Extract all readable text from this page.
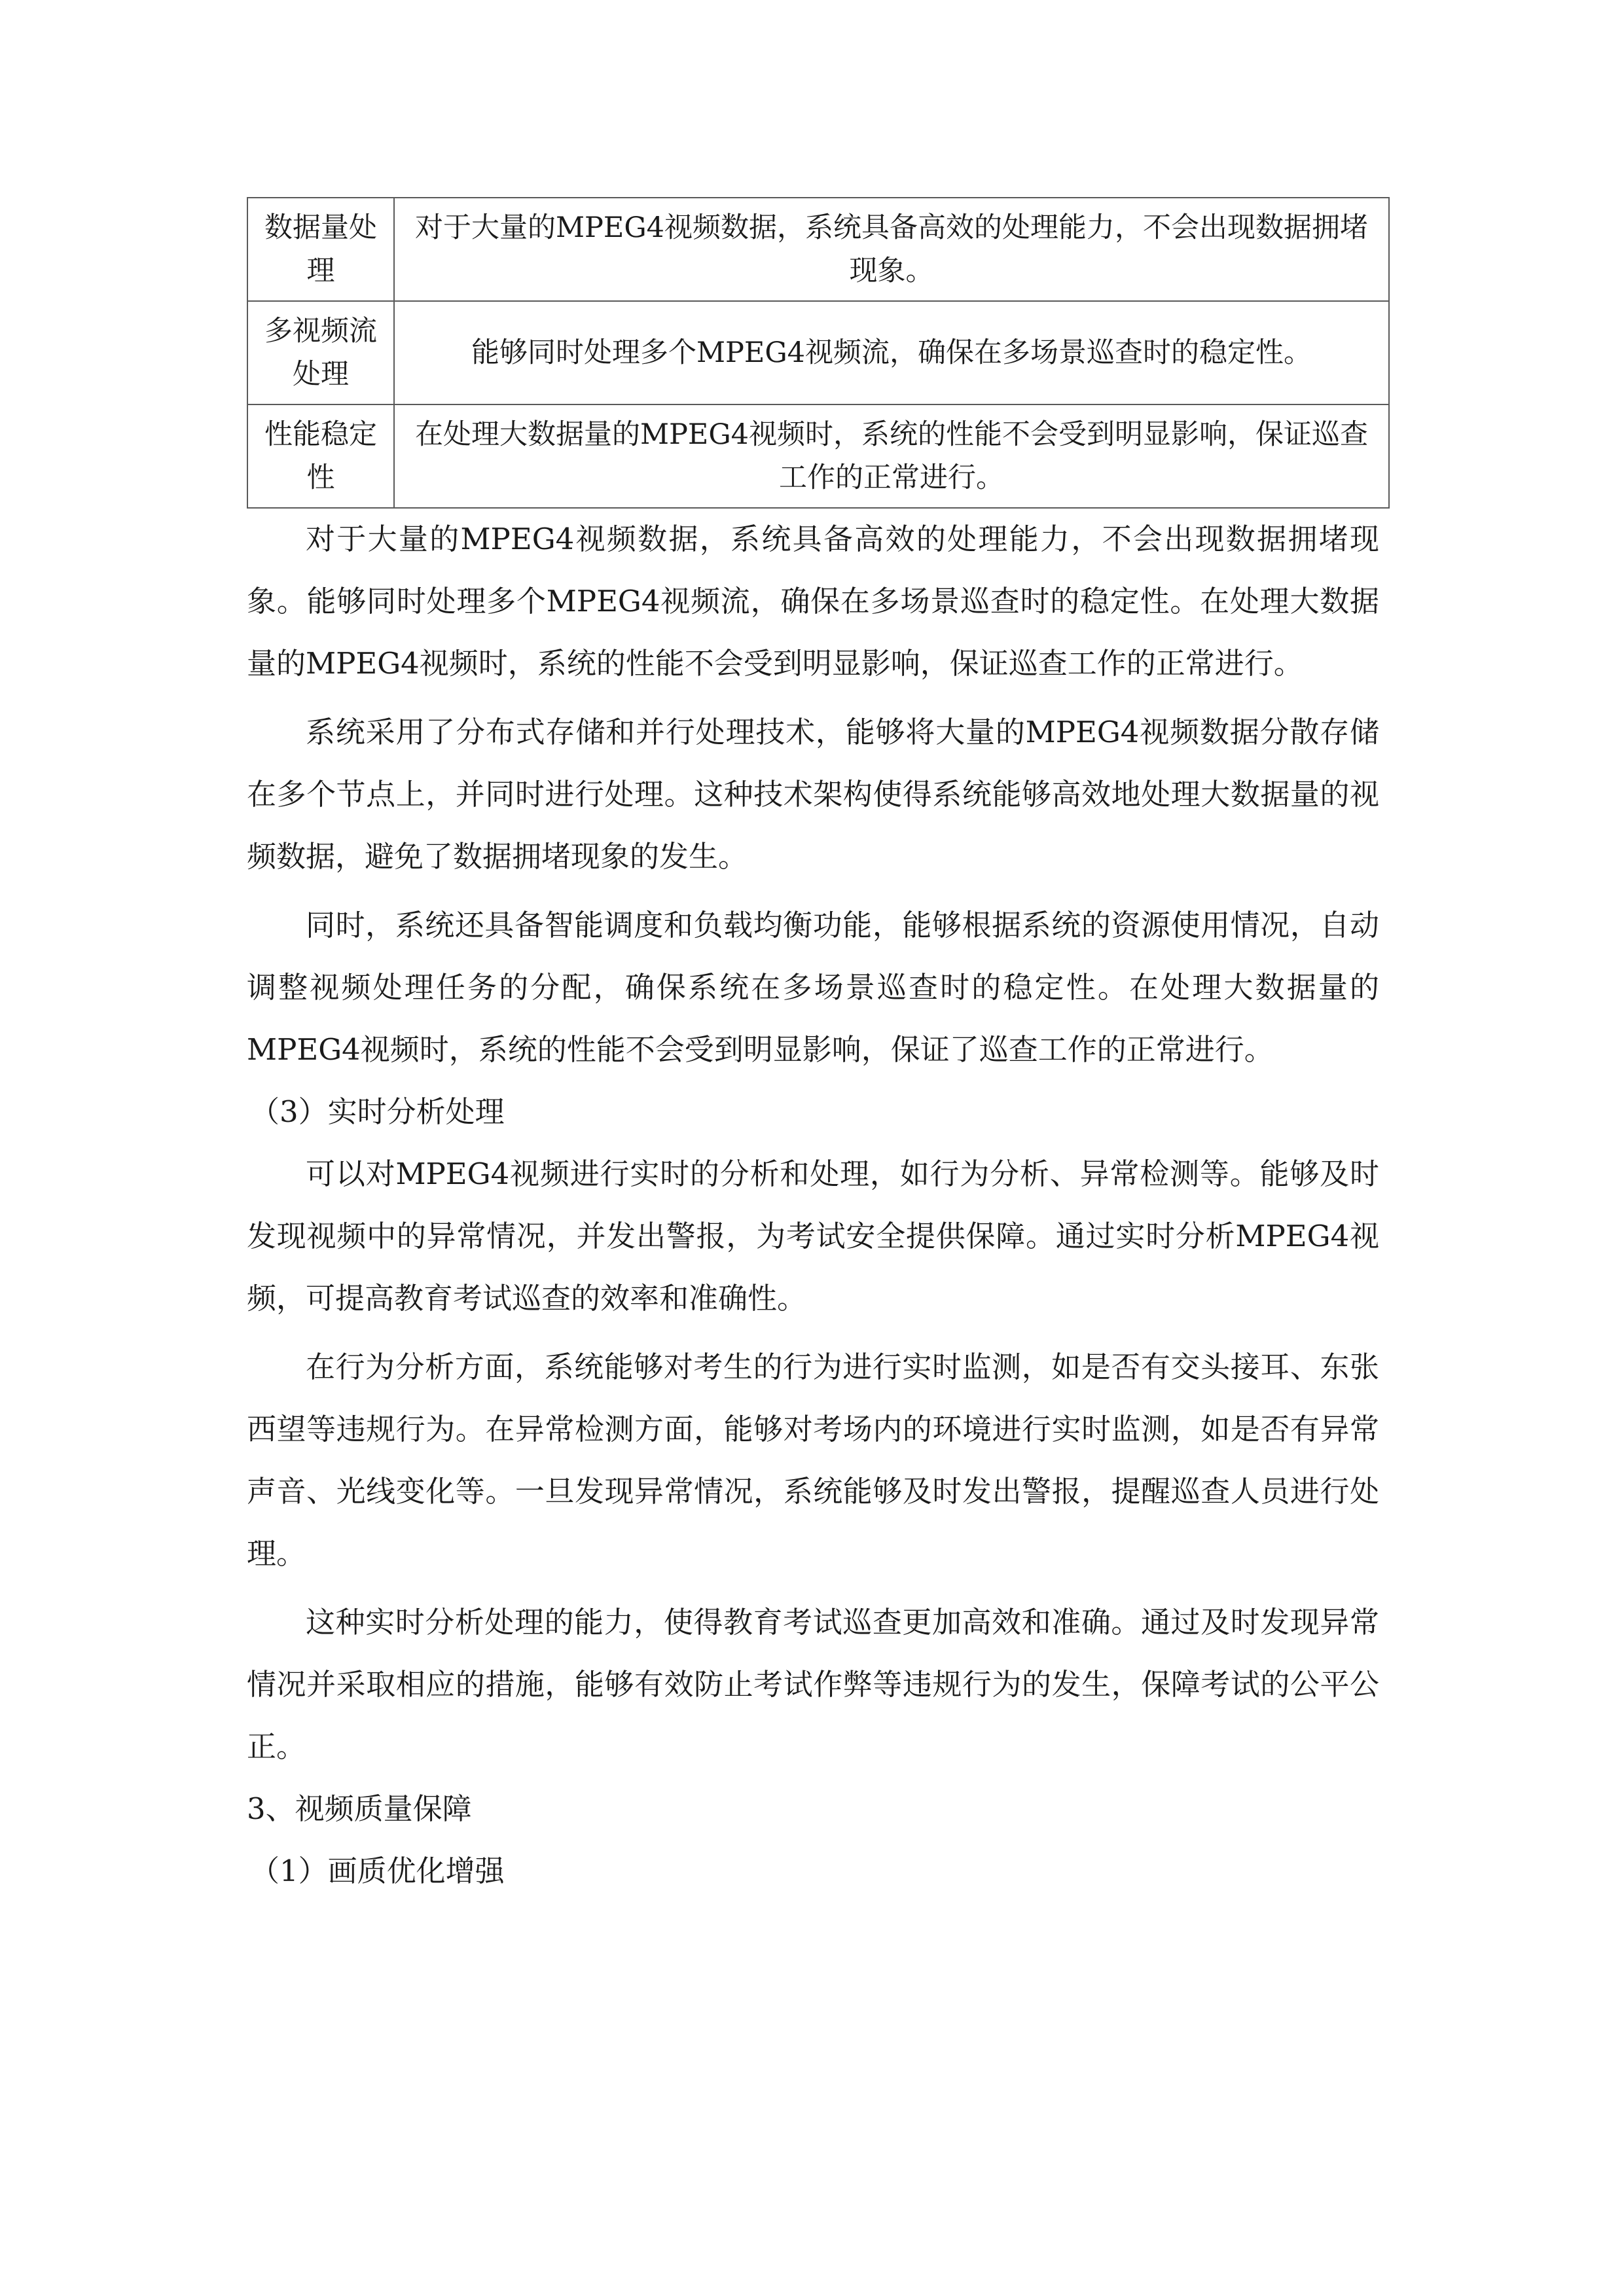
数据量处理	对于大量的MPEG4视频数据，系统具备高效的处理能力，不会出现数据拥堵现象。
多视频流处理	能够同时处理多个MPEG4视频流，确保在多场景巡查时的稳定性。
性能稳定性	在处理大数据量的MPEG4视频时，系统的性能不会受到明显影响，保证巡查工作的正常进行。

对于大量的MPEG4视频数据，系统具备高效的处理能力，不会出现数据拥堵现象。能够同时处理多个MPEG4视频流，确保在多场景巡查时的稳定性。在处理大数据量的MPEG4视频时，系统的性能不会受到明显影响，保证巡查工作的正常进行。

系统采用了分布式存储和并行处理技术，能够将大量的MPEG4视频数据分散存储在多个节点上，并同时进行处理。这种技术架构使得系统能够高效地处理大数据量的视频数据，避免了数据拥堵现象的发生。

同时，系统还具备智能调度和负载均衡功能，能够根据系统的资源使用情况，自动调整视频处理任务的分配，确保系统在多场景巡查时的稳定性。在处理大数据量的MPEG4视频时，系统的性能不会受到明显影响，保证了巡查工作的正常进行。

（3）实时分析处理

可以对MPEG4视频进行实时的分析和处理，如行为分析、异常检测等。能够及时发现视频中的异常情况，并发出警报，为考试安全提供保障。通过实时分析MPEG4视频，可提高教育考试巡查的效率和准确性。

在行为分析方面，系统能够对考生的行为进行实时监测，如是否有交头接耳、东张西望等违规行为。在异常检测方面，能够对考场内的环境进行实时监测，如是否有异常声音、光线变化等。一旦发现异常情况，系统能够及时发出警报，提醒巡查人员进行处理。

这种实时分析处理的能力，使得教育考试巡查更加高效和准确。通过及时发现异常情况并采取相应的措施，能够有效防止考试作弊等违规行为的发生，保障考试的公平公正。

3、视频质量保障

（1）画质优化增强
